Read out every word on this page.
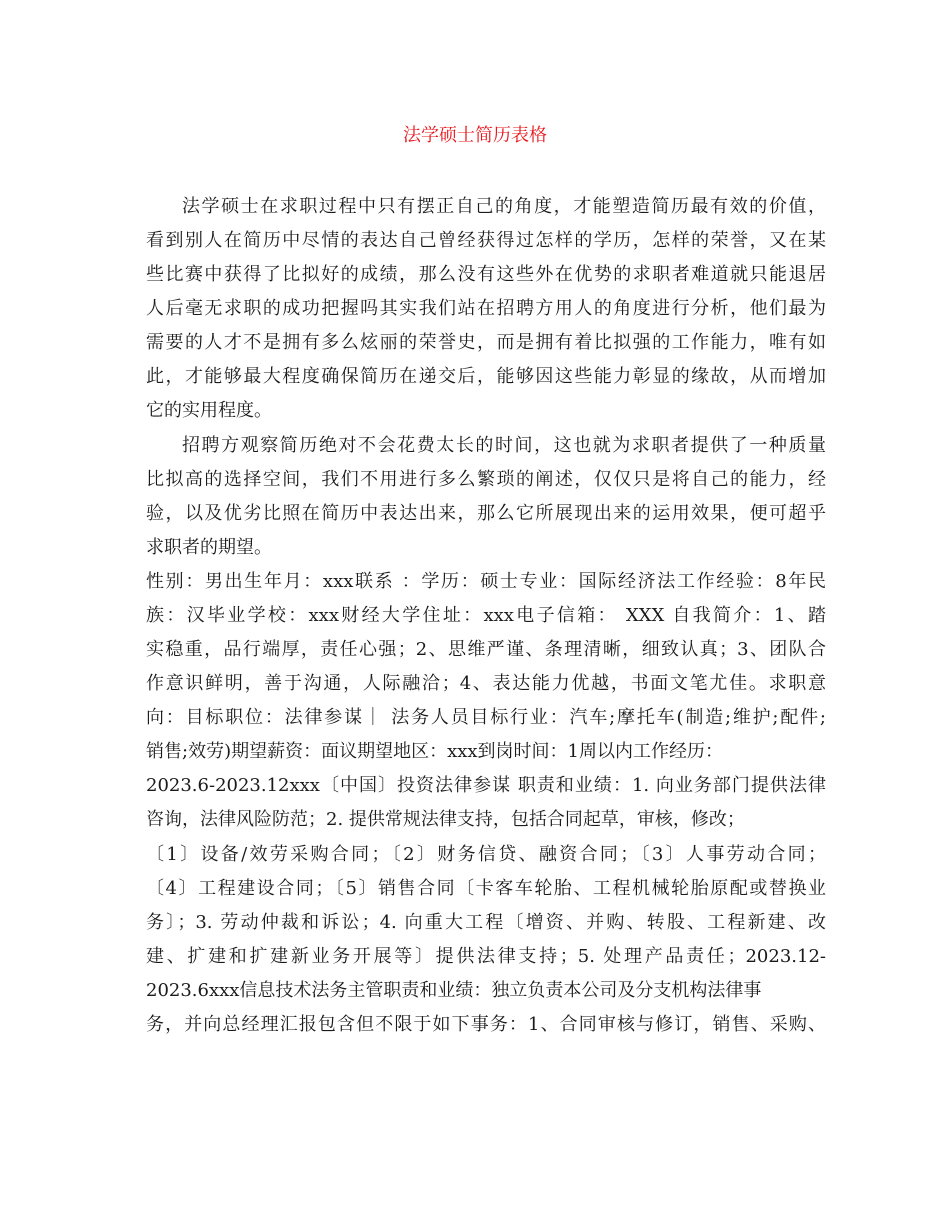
法学硕士简历表格
法学硕士在求职过程中只有摆正自己的角度，才能塑造简历最有效的价值，
看到别人在简历中尽情的表达自己曾经获得过怎样的学历，怎样的荣誉，又在某
些比赛中获得了比拟好的成绩，那么没有这些外在优势的求职者难道就只能退居
人后毫无求职的成功把握吗其实我们站在招聘方用人的角度进行分析，他们最为
需要的人才不是拥有多么炫丽的荣誉史，而是拥有着比拟强的工作能力，唯有如
此，才能够最大程度确保简历在递交后，能够因这些能力彰显的缘故，从而增加
它的实用程度。
招聘方观察简历绝对不会花费太长的时间，这也就为求职者提供了一种质量
比拟高的选择空间，我们不用进行多么繁琐的阐述，仅仅只是将自己的能力，经
验，以及优劣比照在简历中表达出来，那么它所展现出来的运用效果，便可超乎
求职者的期望。
性别：男出生年月：xxx联系 ：学历：硕士专业：国际经济法工作经验：8年民
族：汉毕业学校：xxx财经大学住址：xxx电子信箱： XXX 自我简介：1、踏
实稳重，品行端厚，责任心强；2、思维严谨、条理清晰，细致认真；3、团队合
作意识鲜明，善于沟通，人际融洽；4、表达能力优越，书面文笔尤佳。求职意
向：目标职位：法律参谋｜ 法务人员目标行业：汽车;摩托车(制造;维护;配件;
销售;效劳)期望薪资：面议期望地区：xxx到岗时间：1周以内工作经历：
2023.6-2023.12xxx〔中国〕投资法律参谋 职责和业绩：1. 向业务部门提供法律
咨询，法律风险防范；2. 提供常规法律支持，包括合同起草，审核，修改；
〔1〕设备/效劳采购合同；〔2〕财务信贷、融资合同；〔3〕人事劳动合同；
〔4〕工程建设合同；〔5〕销售合同〔卡客车轮胎、工程机械轮胎原配或替换业
务〕；3. 劳动仲裁和诉讼；4. 向重大工程〔增资、并购、转股、工程新建、改
建、扩建和扩建新业务开展等〕提供法律支持；5. 处理产品责任；2023.12-
2023.6xxx信息技术法务主管职责和业绩：独立负责本公司及分支机构法律事
务，并向总经理汇报包含但不限于如下事务：1、合同审核与修订，销售、采购、
